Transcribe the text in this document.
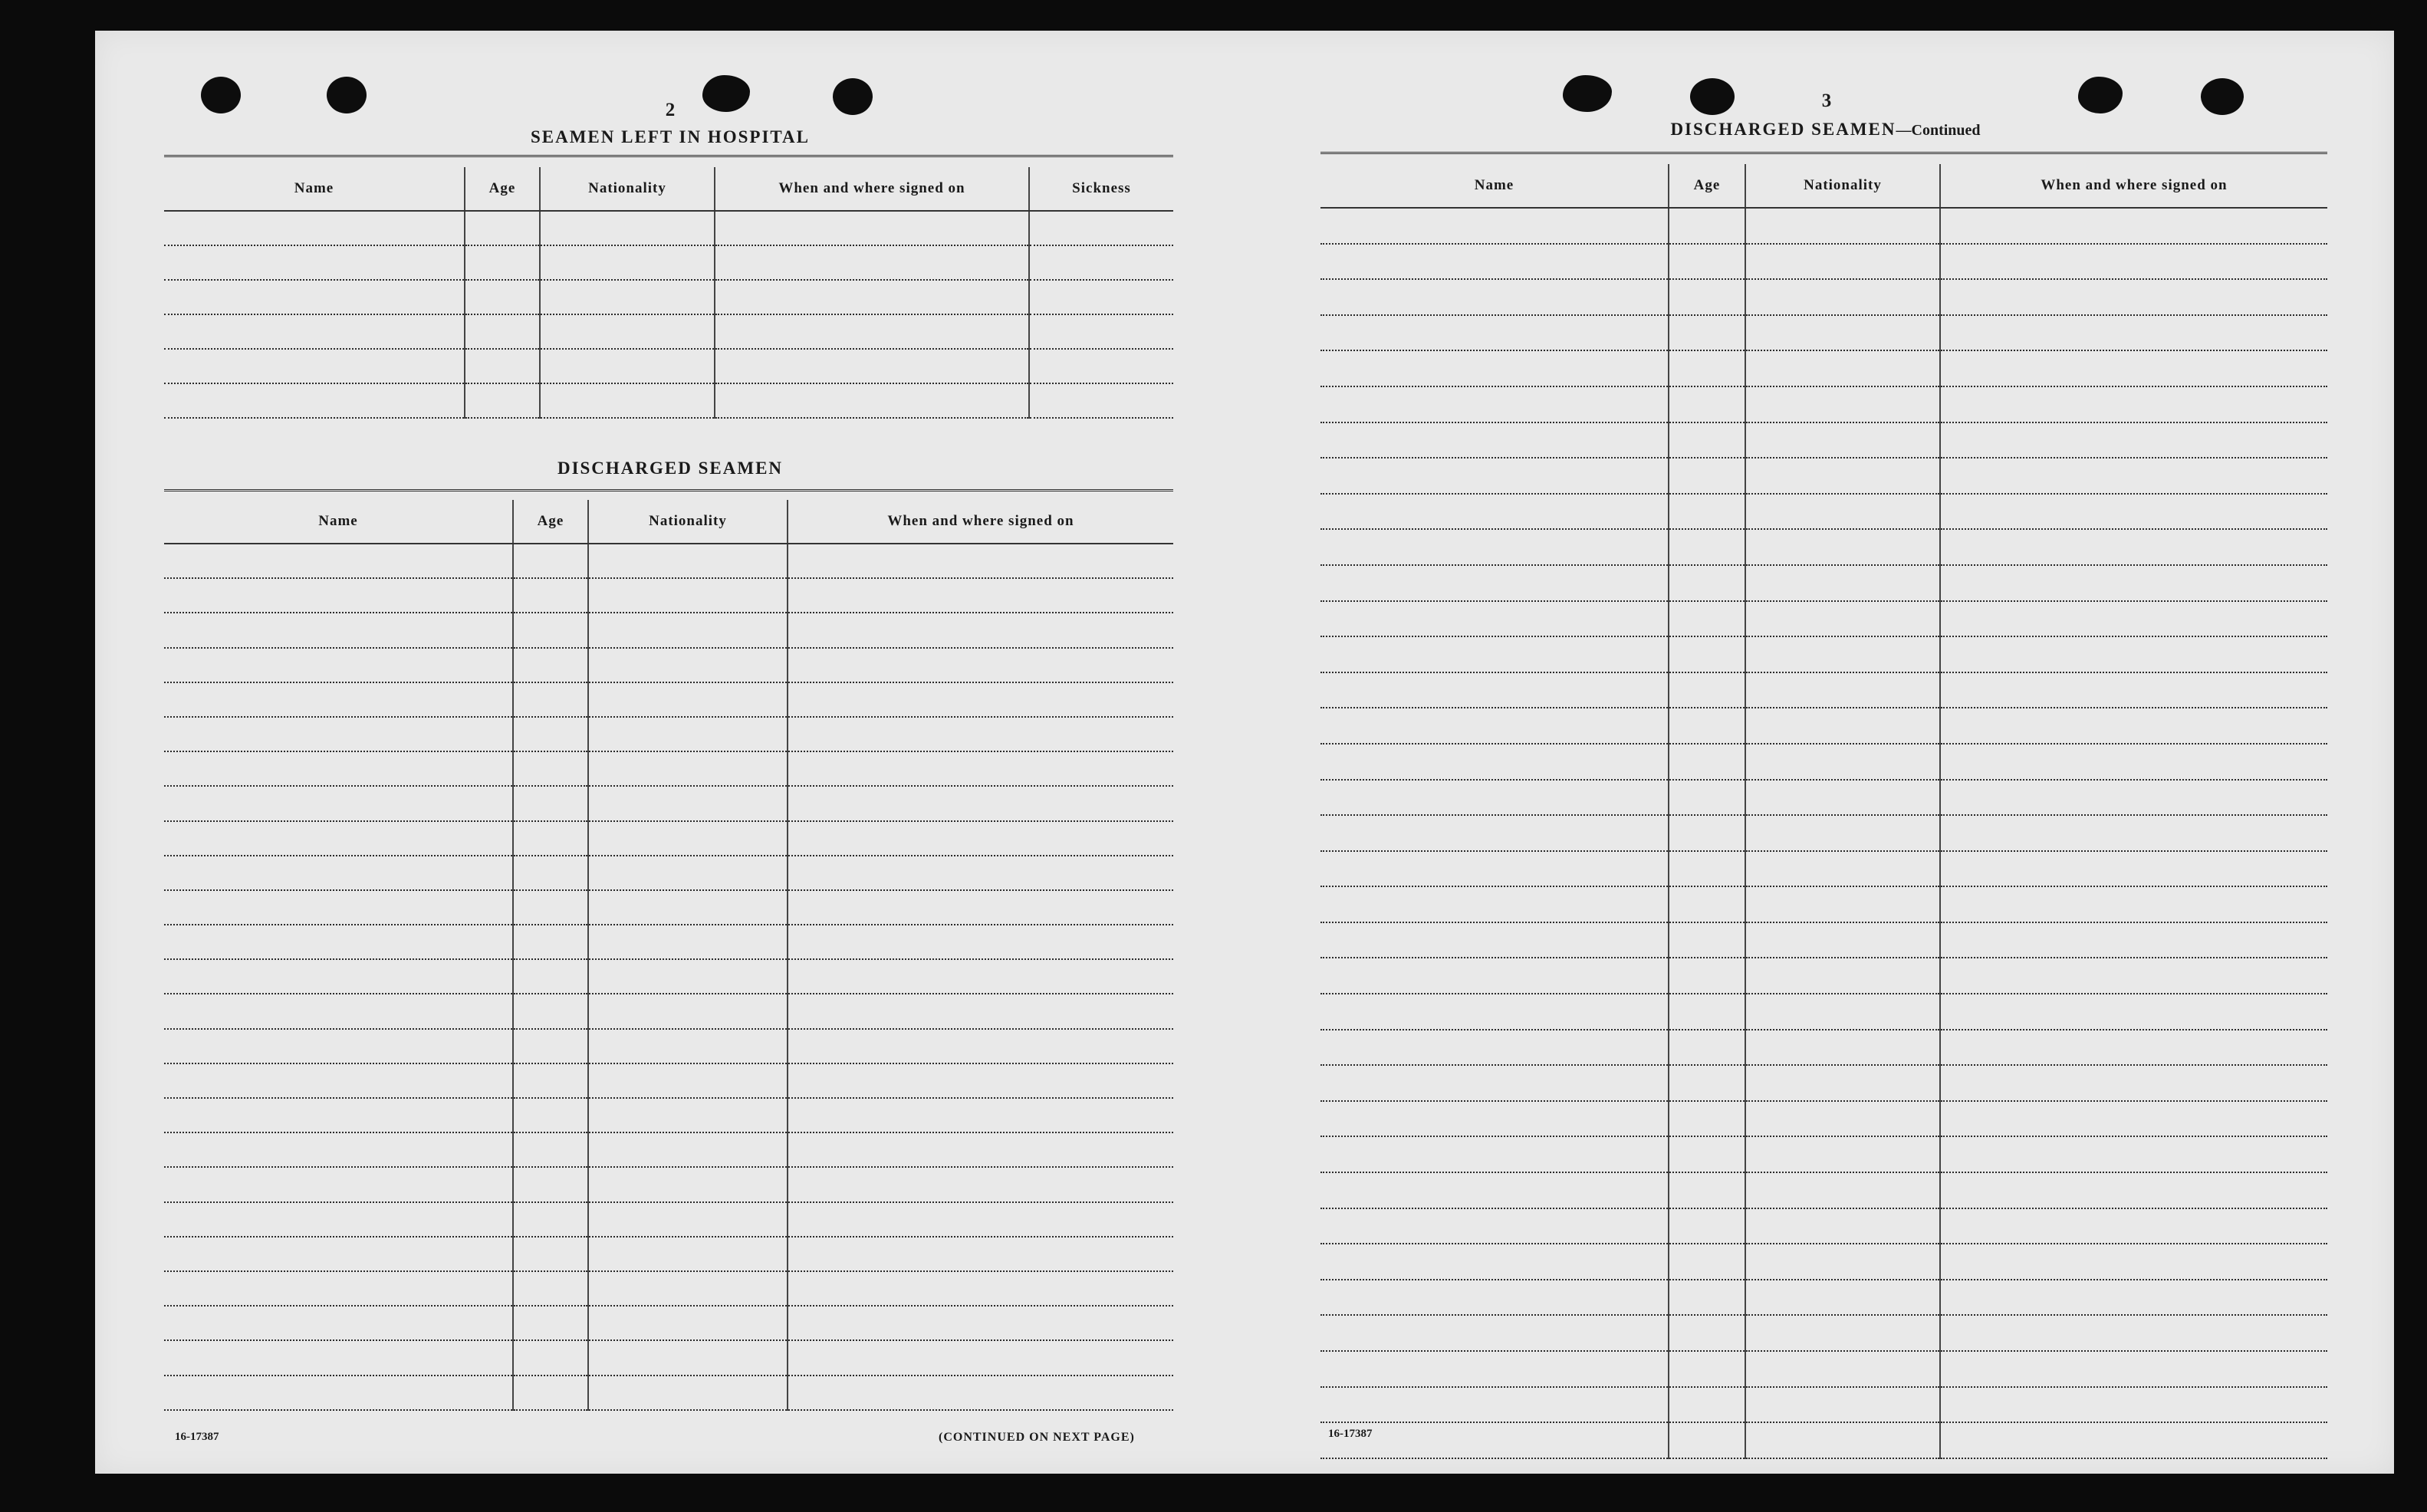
2
SEAMEN LEFT IN HOSPITAL
Name	Age	Nationality	When and where signed on	Sickness

DISCHARGED SEAMEN
Name	Age	Nationality	When and where signed on

16-17387	(CONTINUED ON NEXT PAGE)
3
DISCHARGED SEAMEN—Continued
Name	Age	Nationality	When and where signed on

16-17387
